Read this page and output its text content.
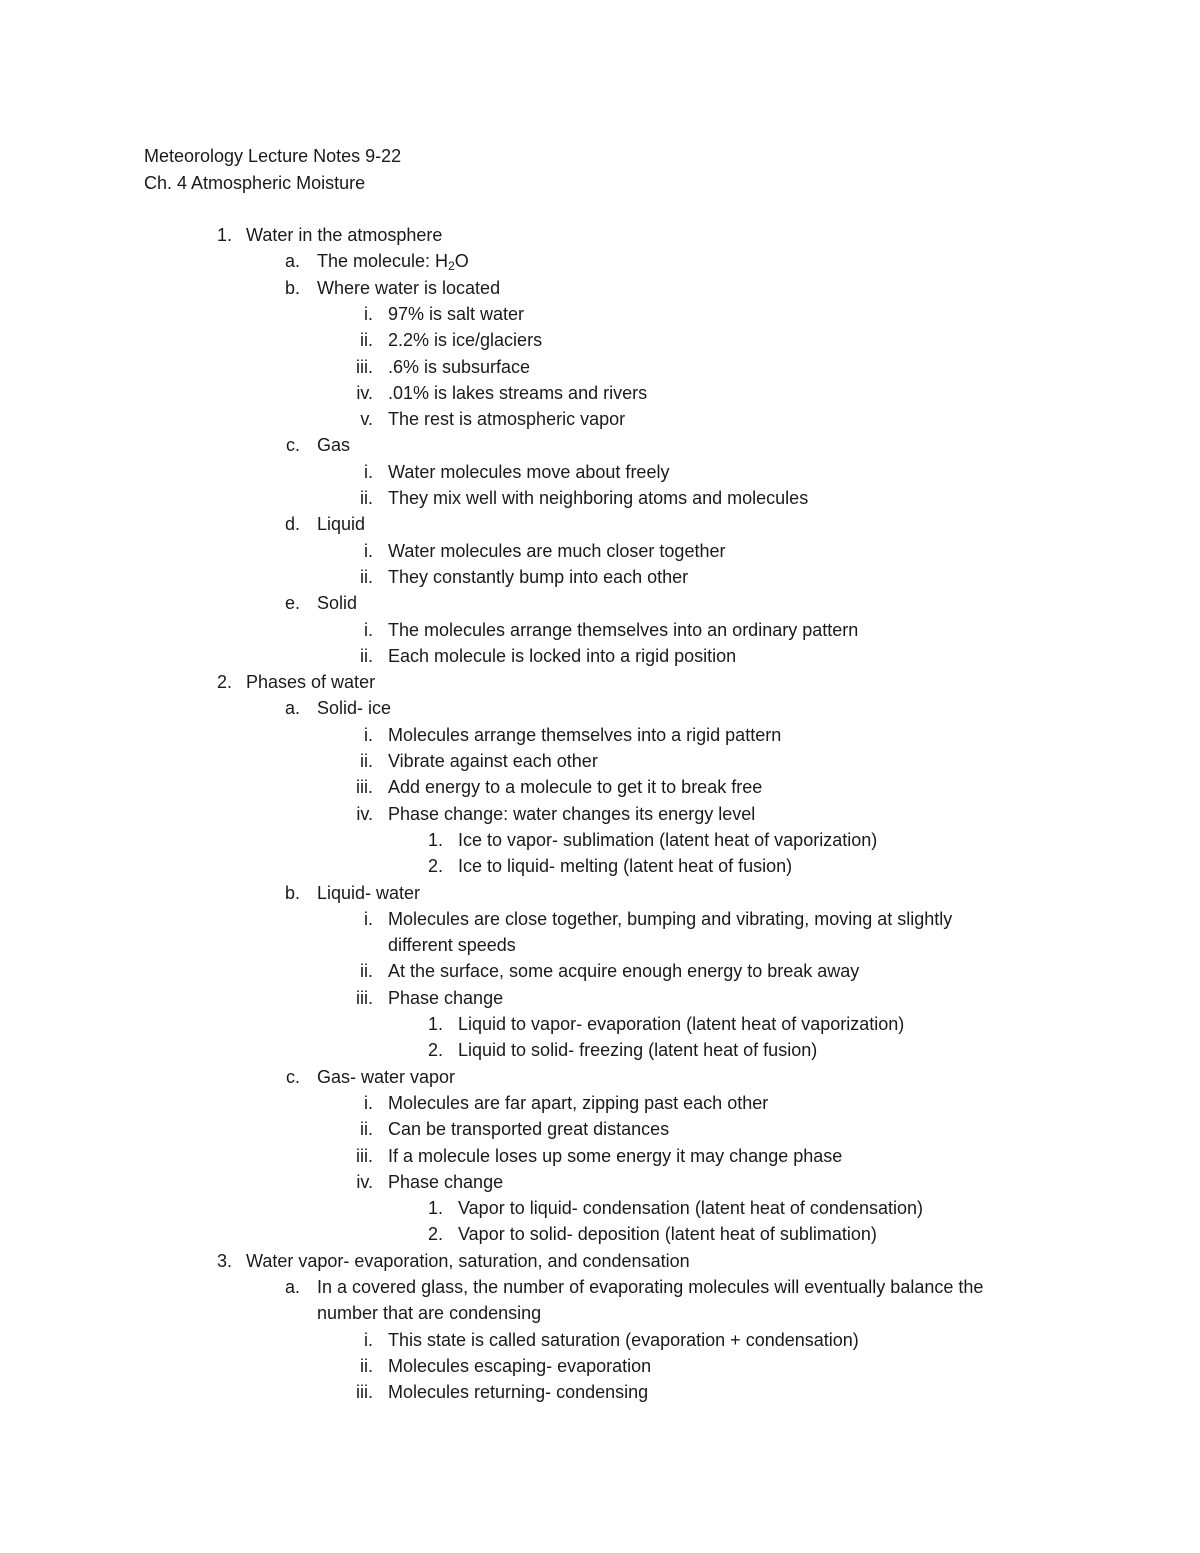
Meteorology Lecture Notes 9-22
Ch. 4 Atmospheric Moisture
1. Water in the atmosphere
a. The molecule: $H_2O$
b. Where water is located
i. 97% is salt water
ii. 2.2% is ice/glaciers
iii. .6% is subsurface
iv. .01% is lakes streams and rivers
v. The rest is atmospheric vapor
c. Gas
i. Water molecules move about freely
ii. They mix well with neighboring atoms and molecules
d. Liquid
i. Water molecules are much closer together
ii. They constantly bump into each other
e. Solid
i. The molecules arrange themselves into an ordinary pattern
ii. Each molecule is locked into a rigid position
2. Phases of water
a. Solid- ice
i. Molecules arrange themselves into a rigid pattern
ii. Vibrate against each other
iii. Add energy to a molecule to get it to break free
iv. Phase change: water changes its energy level
1. Ice to vapor- sublimation (latent heat of vaporization)
2. Ice to liquid- melting (latent heat of fusion)
b. Liquid- water
i. Molecules are close together, bumping and vibrating, moving at slightly
different speeds
ii. At the surface, some acquire enough energy to break away
iii. Phase change
1. Liquid to vapor- evaporation (latent heat of vaporization)
2. Liquid to solid- freezing (latent heat of fusion)
c. Gas- water vapor
i. Molecules are far apart, zipping past each other
ii. Can be transported great distances
iii. If a molecule loses up some energy it may change phase
iv. Phase change
1. Vapor to liquid- condensation (latent heat of condensation)
2. Vapor to solid- deposition (latent heat of sublimation)
3. Water vapor- evaporation, saturation, and condensation
a. In a covered glass, the number of evaporating molecules will eventually balance the
number that are condensing
i. This state is called saturation (evaporation + condensation)
ii. Molecules escaping- evaporation
iii. Molecules returning- condensing
